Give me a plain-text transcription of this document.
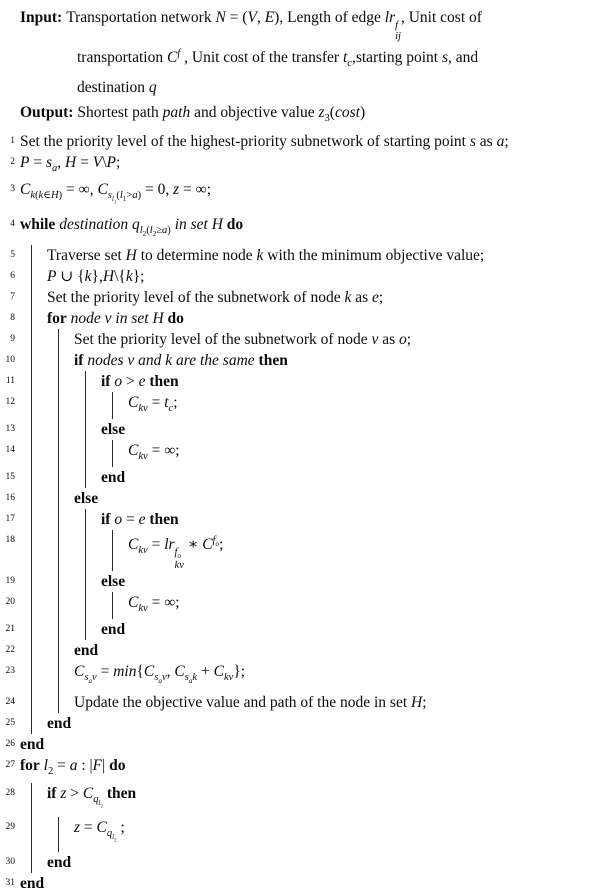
Input: Transportation network N = (V, E), Length of edge lr f
ij
, Unit cost of
transportation $C^f$ , Unit cost of the transfer $t_c,starting$ point s, and
destination q
Output: Shortest path path and objective value $z_3(\cos t)$
1 Set the priority level of the highest-priority subnetwork of starting point s as a;
2 $P = s_a$, H = V\P;
3 $C_{k(k\in H)}$ = ∞, $C_{s_{l_1}(l_1>a)} = 0$, z = ∞;
4 while destination $q_{l_2(l_2\ge a)}$ in set H do
5 Traverse set H to determine node k with the minimum objective value;
6 P ∪ {k},H\{k};
7 Set the priority level of the subnetwork of node k as e;
8 for node v in set H do
9	Set the priority level of the subnetwork of node v as o;
10	if nodes v and k are the same then
11	if o > e then
12	$C_{kv} = t_c$;
13	else
14	$C_{kv}$ = ∞;
15	end
16	else
17	if o = e then
18	$C_{kv}$ = lr $f_o$
kv
∗ $C^{f_o}$;
19	else
20	$C_{kv}$ = ∞;
21	end
22	end
23	$C_{s_av} = \min\{C_{s_av}$, $C_{s_ak} + C_{kv}$};
24	Update the objective value and path of the node in set H;
25 end
26 end
27 for $l_2 = a$ : |F| do
28 if $z > C_{q_{l_2}}$ then
29	$z = C_{q_{l_2}}$ ;
30 end
31 end
